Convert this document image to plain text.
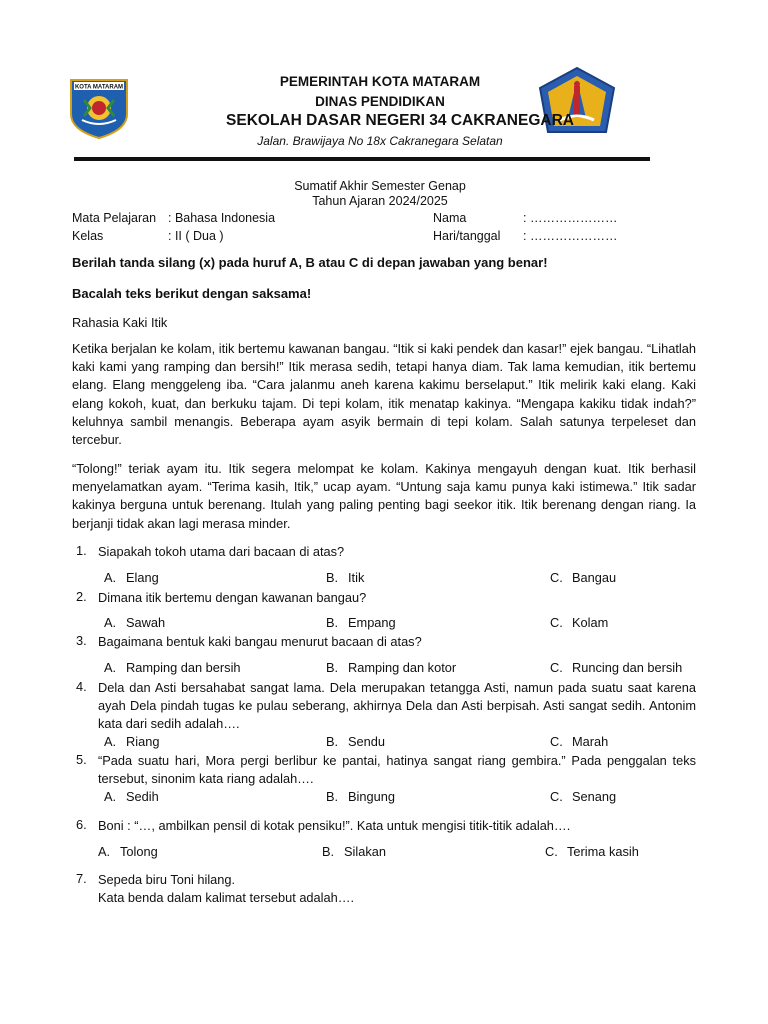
KOTA MATARAM	PEMERINTAH KOTA MATARAM
DINAS PENDIDIKAN
SEKOLAH DASAR NEGERI 34 CAKRANEGARA
Jalan. Brawijaya No 18x Cakranegara Selatan
Sumatif Akhir Semester Genap
Tahun Ajaran 2024/2025
Mata Pelajaran : Bahasa Indonesia
Kelas	: II ( Dua )
Nama	: …………………
Hari/tanggal : …………………
Berilah tanda silang (x) pada huruf A, B atau C di depan jawaban yang benar!
Bacalah teks berikut dengan saksama!
Rahasia Kaki Itik
Ketika berjalan ke kolam, itik bertemu kawanan bangau. “Itik si kaki pendek dan kasar!” ejek bangau. “Lihatlah kaki kami yang ramping dan bersih!” Itik merasa sedih, tetapi hanya diam. Tak lama kemudian, itik bertemu elang. Elang menggeleng iba. “Cara jalanmu aneh karena kakimu berselaput.” Itik melirik kaki elang. Kaki elang kokoh, kuat, dan berkuku tajam. Di tepi kolam, itik menatap kakinya. “Mengapa kakiku tidak indah?” keluhnya sambil menangis. Beberapa ayam asyik bermain di tepi kolam. Salah satunya terpeleset dan tercebur.
“Tolong!” teriak ayam itu. Itik segera melompat ke kolam. Kakinya mengayuh dengan kuat. Itik berhasil menyelamatkan ayam. “Terima kasih, Itik,” ucap ayam. “Untung saja kamu punya kaki istimewa.” Itik sadar kakinya berguna untuk berenang. Itulah yang paling penting bagi seekor itik. Itik berenang dengan riang. Ia berjanji tidak akan lagi merasa minder.
1. Siapakah tokoh utama dari bacaan di atas?
A. Elang	B. Itik	C. Bangau
2. Dimana itik bertemu dengan kawanan bangau?
A. Sawah	B. Empang	C. Kolam
3. Bagaimana bentuk kaki bangau menurut bacaan di atas?
A. Ramping dan bersih	B. Ramping dan kotor	C. Runcing dan bersih
4. Dela dan Asti bersahabat sangat lama. Dela merupakan tetangga Asti, namun pada suatu saat karena ayah Dela pindah tugas ke pulau seberang, akhirnya Dela dan Asti berpisah. Asti sangat sedih. Antonim kata dari sedih adalah….
A. Riang	B. Sendu	C. Marah
5. “Pada suatu hari, Mora pergi berlibur ke pantai, hatinya sangat riang gembira.” Pada penggalan teks tersebut, sinonim kata riang adalah….
A. Sedih	B. Bingung	C. Senang
6. Boni : “…, ambilkan pensil di kotak pensiku!”. Kata untuk mengisi titik-titik adalah….
A. Tolong	B. Silakan	C. Terima kasih
7. Sepeda biru Toni hilang.
Kata benda dalam kalimat tersebut adalah….
